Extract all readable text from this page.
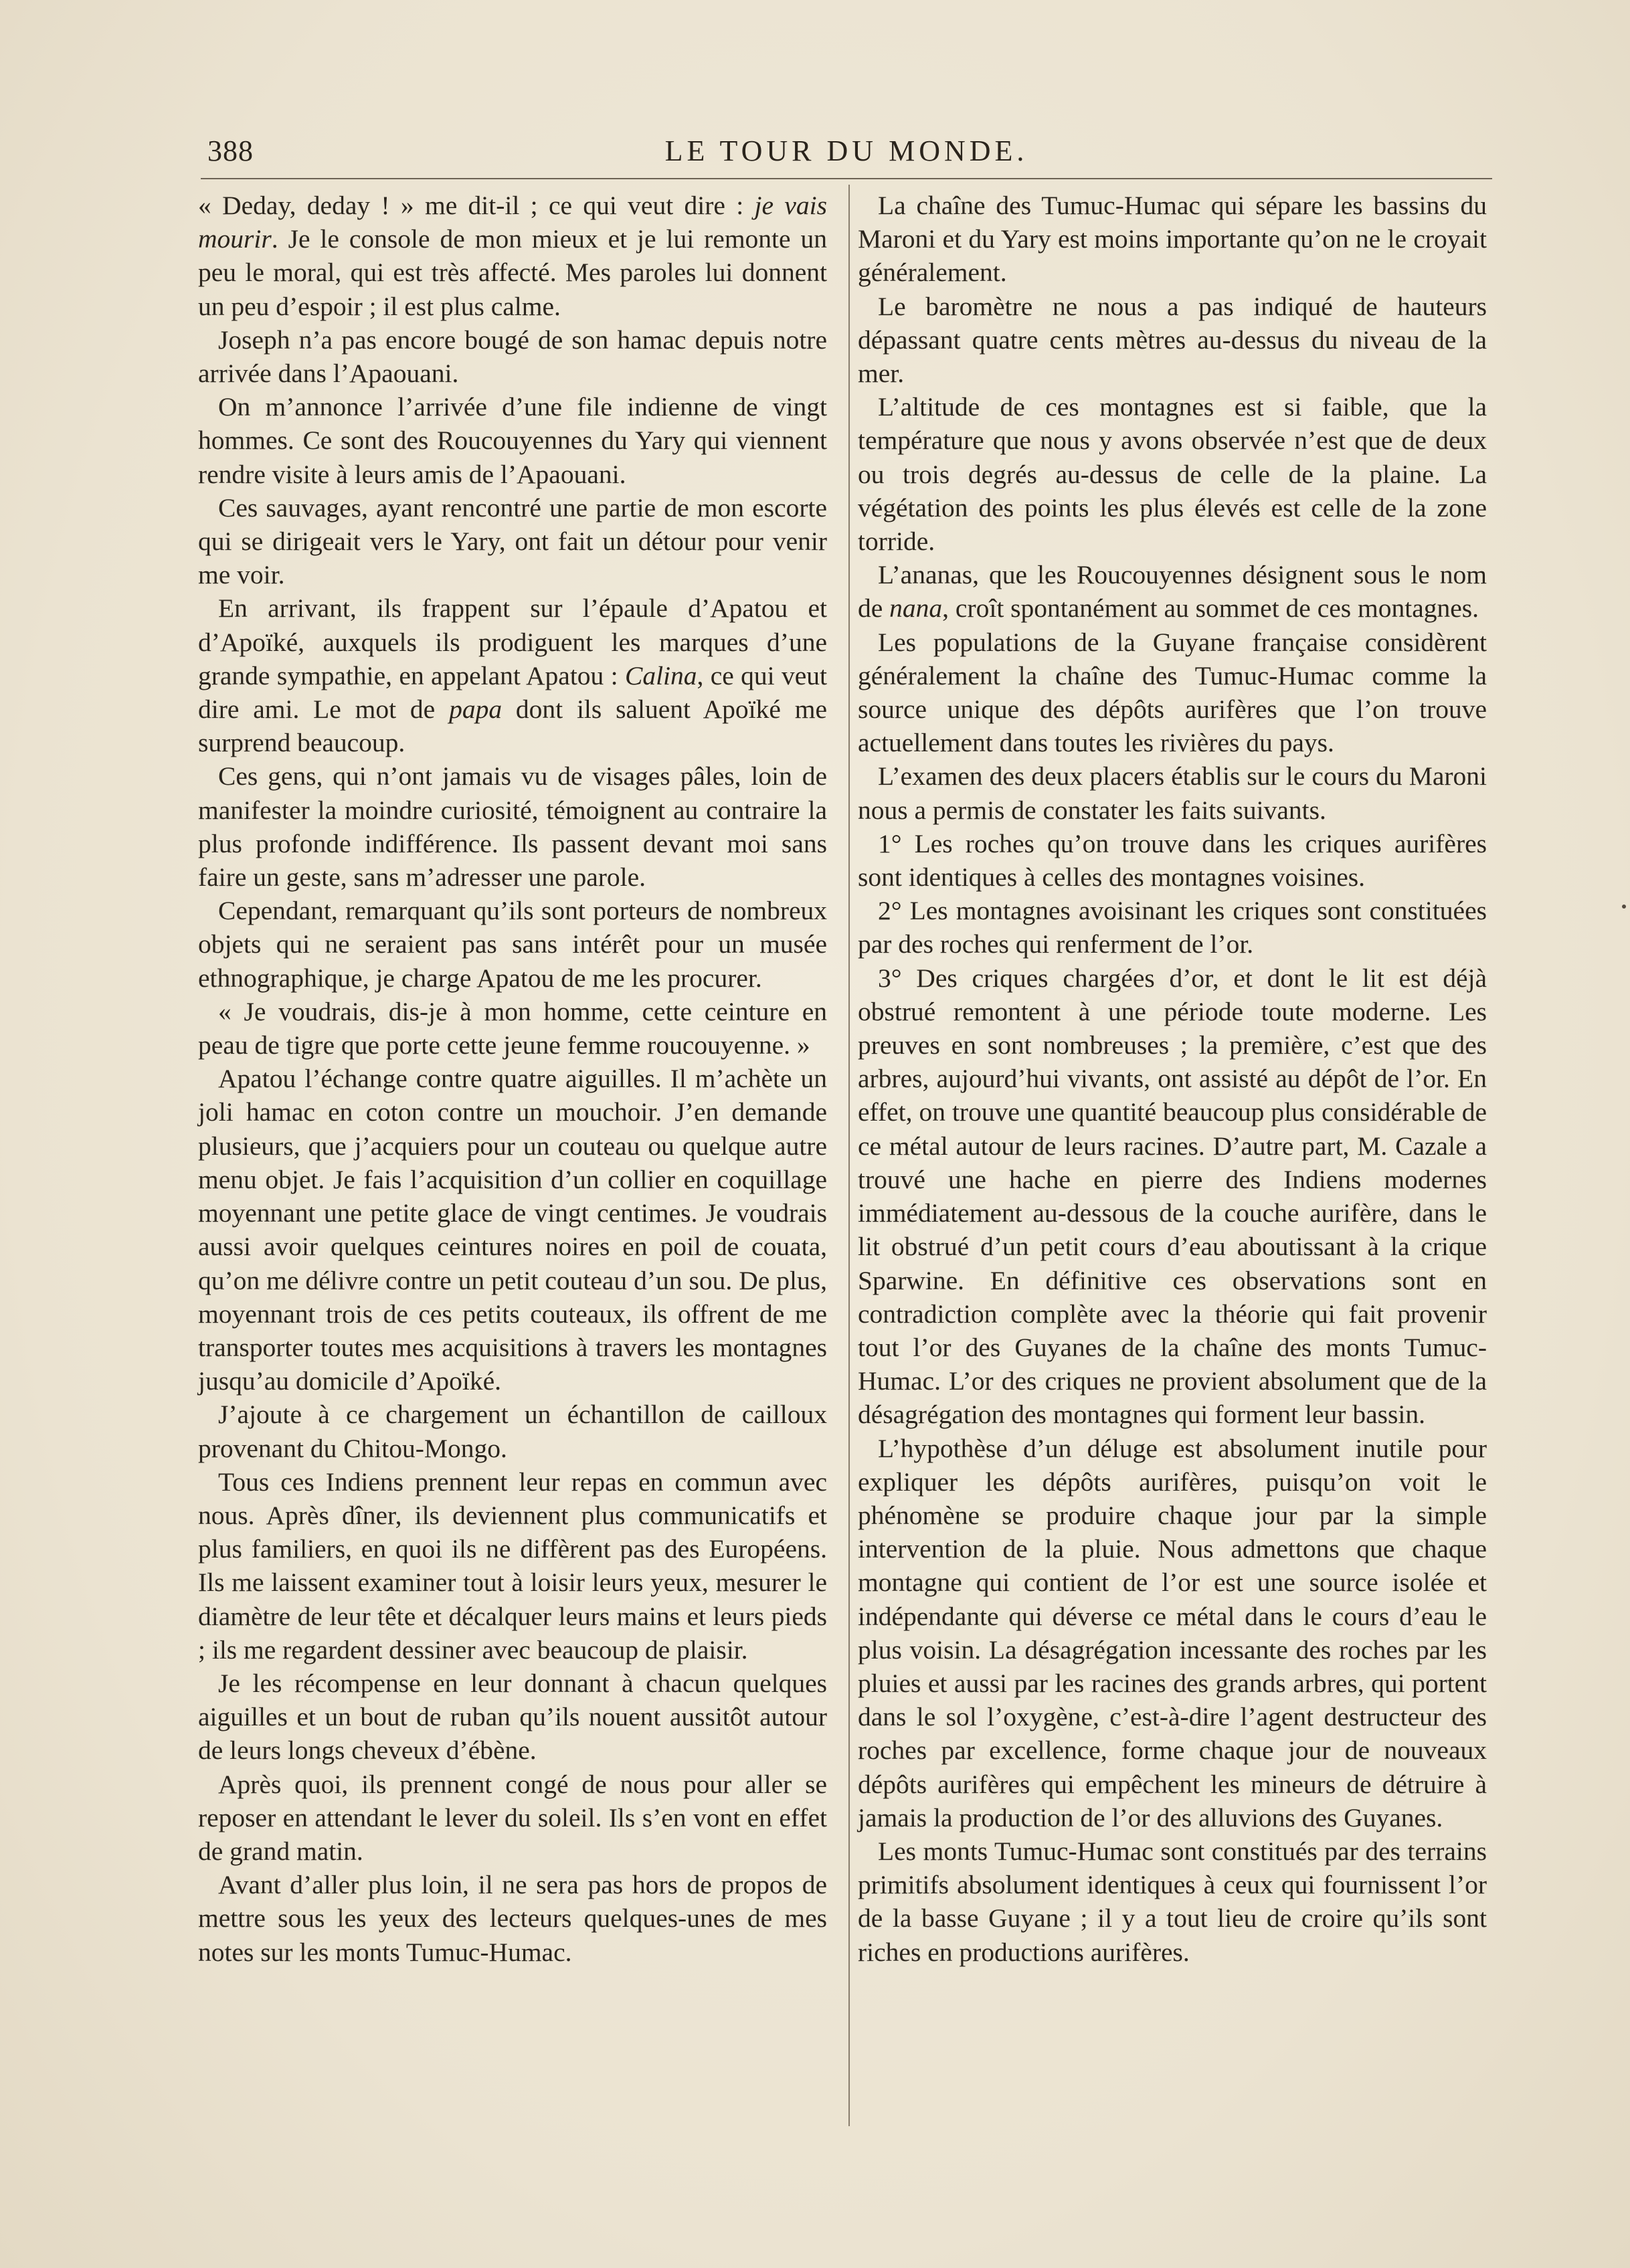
388	LE TOUR DU MONDE.

« Deday, deday ! » me dit-il ; ce qui veut dire : je vais mourir. Je le console de mon mieux et je lui remonte un peu le moral, qui est très affecté. Mes paroles lui donnent un peu d’espoir ; il est plus calme.

Joseph n’a pas encore bougé de son hamac depuis notre arrivée dans l’Apaouani.

On m’annonce l’arrivée d’une file indienne de vingt hommes. Ce sont des Roucouyennes du Yary qui viennent rendre visite à leurs amis de l’Apaouani.

Ces sauvages, ayant rencontré une partie de mon escorte qui se dirigeait vers le Yary, ont fait un détour pour venir me voir.

En arrivant, ils frappent sur l’épaule d’Apatou et d’Apoïké, auxquels ils prodiguent les marques d’une grande sympathie, en appelant Apatou : Calina, ce qui veut dire ami. Le mot de papa dont ils saluent Apoïké me surprend beaucoup.

Ces gens, qui n’ont jamais vu de visages pâles, loin de manifester la moindre curiosité, témoignent au contraire la plus profonde indifférence. Ils passent devant moi sans faire un geste, sans m’adresser une parole.

Cependant, remarquant qu’ils sont porteurs de nombreux objets qui ne seraient pas sans intérêt pour un musée ethnographique, je charge Apatou de me les procurer.

« Je voudrais, dis-je à mon homme, cette ceinture en peau de tigre que porte cette jeune femme roucouyenne. »

Apatou l’échange contre quatre aiguilles. Il m’achète un joli hamac en coton contre un mouchoir. J’en demande plusieurs, que j’acquiers pour un couteau ou quelque autre menu objet. Je fais l’acquisition d’un collier en coquillage moyennant une petite glace de vingt centimes. Je voudrais aussi avoir quelques ceintures noires en poil de couata, qu’on me délivre contre un petit couteau d’un sou. De plus, moyennant trois de ces petits couteaux, ils offrent de me transporter toutes mes acquisitions à travers les montagnes jusqu’au domicile d’Apoïké.

J’ajoute à ce chargement un échantillon de cailloux provenant du Chitou-Mongo.

Tous ces Indiens prennent leur repas en commun avec nous. Après dîner, ils deviennent plus communicatifs et plus familiers, en quoi ils ne diffèrent pas des Européens. Ils me laissent examiner tout à loisir leurs yeux, mesurer le diamètre de leur tête et décalquer leurs mains et leurs pieds ; ils me regardent dessiner avec beaucoup de plaisir.

Je les récompense en leur donnant à chacun quelques aiguilles et un bout de ruban qu’ils nouent aussitôt autour de leurs longs cheveux d’ébène.

Après quoi, ils prennent congé de nous pour aller se reposer en attendant le lever du soleil. Ils s’en vont en effet de grand matin.

Avant d’aller plus loin, il ne sera pas hors de propos de mettre sous les yeux des lecteurs quelques-unes de mes notes sur les monts Tumuc-Humac.

La chaîne des Tumuc-Humac qui sépare les bassins du Maroni et du Yary est moins importante qu’on ne le croyait généralement.

Le baromètre ne nous a pas indiqué de hauteurs dépassant quatre cents mètres au-dessus du niveau de la mer.

L’altitude de ces montagnes est si faible, que la température que nous y avons observée n’est que de deux ou trois degrés au-dessus de celle de la plaine. La végétation des points les plus élevés est celle de la zone torride.

L’ananas, que les Roucouyennes désignent sous le nom de nana, croît spontanément au sommet de ces montagnes.

Les populations de la Guyane française considèrent généralement la chaîne des Tumuc-Humac comme la source unique des dépôts aurifères que l’on trouve actuellement dans toutes les rivières du pays.

L’examen des deux placers établis sur le cours du Maroni nous a permis de constater les faits suivants.

1° Les roches qu’on trouve dans les criques aurifères sont identiques à celles des montagnes voisines.

2° Les montagnes avoisinant les criques sont constituées par des roches qui renferment de l’or.

3° Des criques chargées d’or, et dont le lit est déjà obstrué remontent à une période toute moderne. Les preuves en sont nombreuses ; la première, c’est que des arbres, aujourd’hui vivants, ont assisté au dépôt de l’or. En effet, on trouve une quantité beaucoup plus considérable de ce métal autour de leurs racines. D’autre part, M. Cazale a trouvé une hache en pierre des Indiens modernes immédiatement au-dessous de la couche aurifère, dans le lit obstrué d’un petit cours d’eau aboutissant à la crique Sparwine. En définitive ces observations sont en contradiction complète avec la théorie qui fait provenir tout l’or des Guyanes de la chaîne des monts Tumuc-Humac. L’or des criques ne provient absolument que de la désagrégation des montagnes qui forment leur bassin.

L’hypothèse d’un déluge est absolument inutile pour expliquer les dépôts aurifères, puisqu’on voit le phénomène se produire chaque jour par la simple intervention de la pluie. Nous admettons que chaque montagne qui contient de l’or est une source isolée et indépendante qui déverse ce métal dans le cours d’eau le plus voisin. La désagrégation incessante des roches par les pluies et aussi par les racines des grands arbres, qui portent dans le sol l’oxygène, c’est-à-dire l’agent destructeur des roches par excellence, forme chaque jour de nouveaux dépôts aurifères qui empêchent les mineurs de détruire à jamais la production de l’or des alluvions des Guyanes.

Les monts Tumuc-Humac sont constitués par des terrains primitifs absolument identiques à ceux qui fournissent l’or de la basse Guyane ; il y a tout lieu de croire qu’ils sont riches en productions aurifères.
